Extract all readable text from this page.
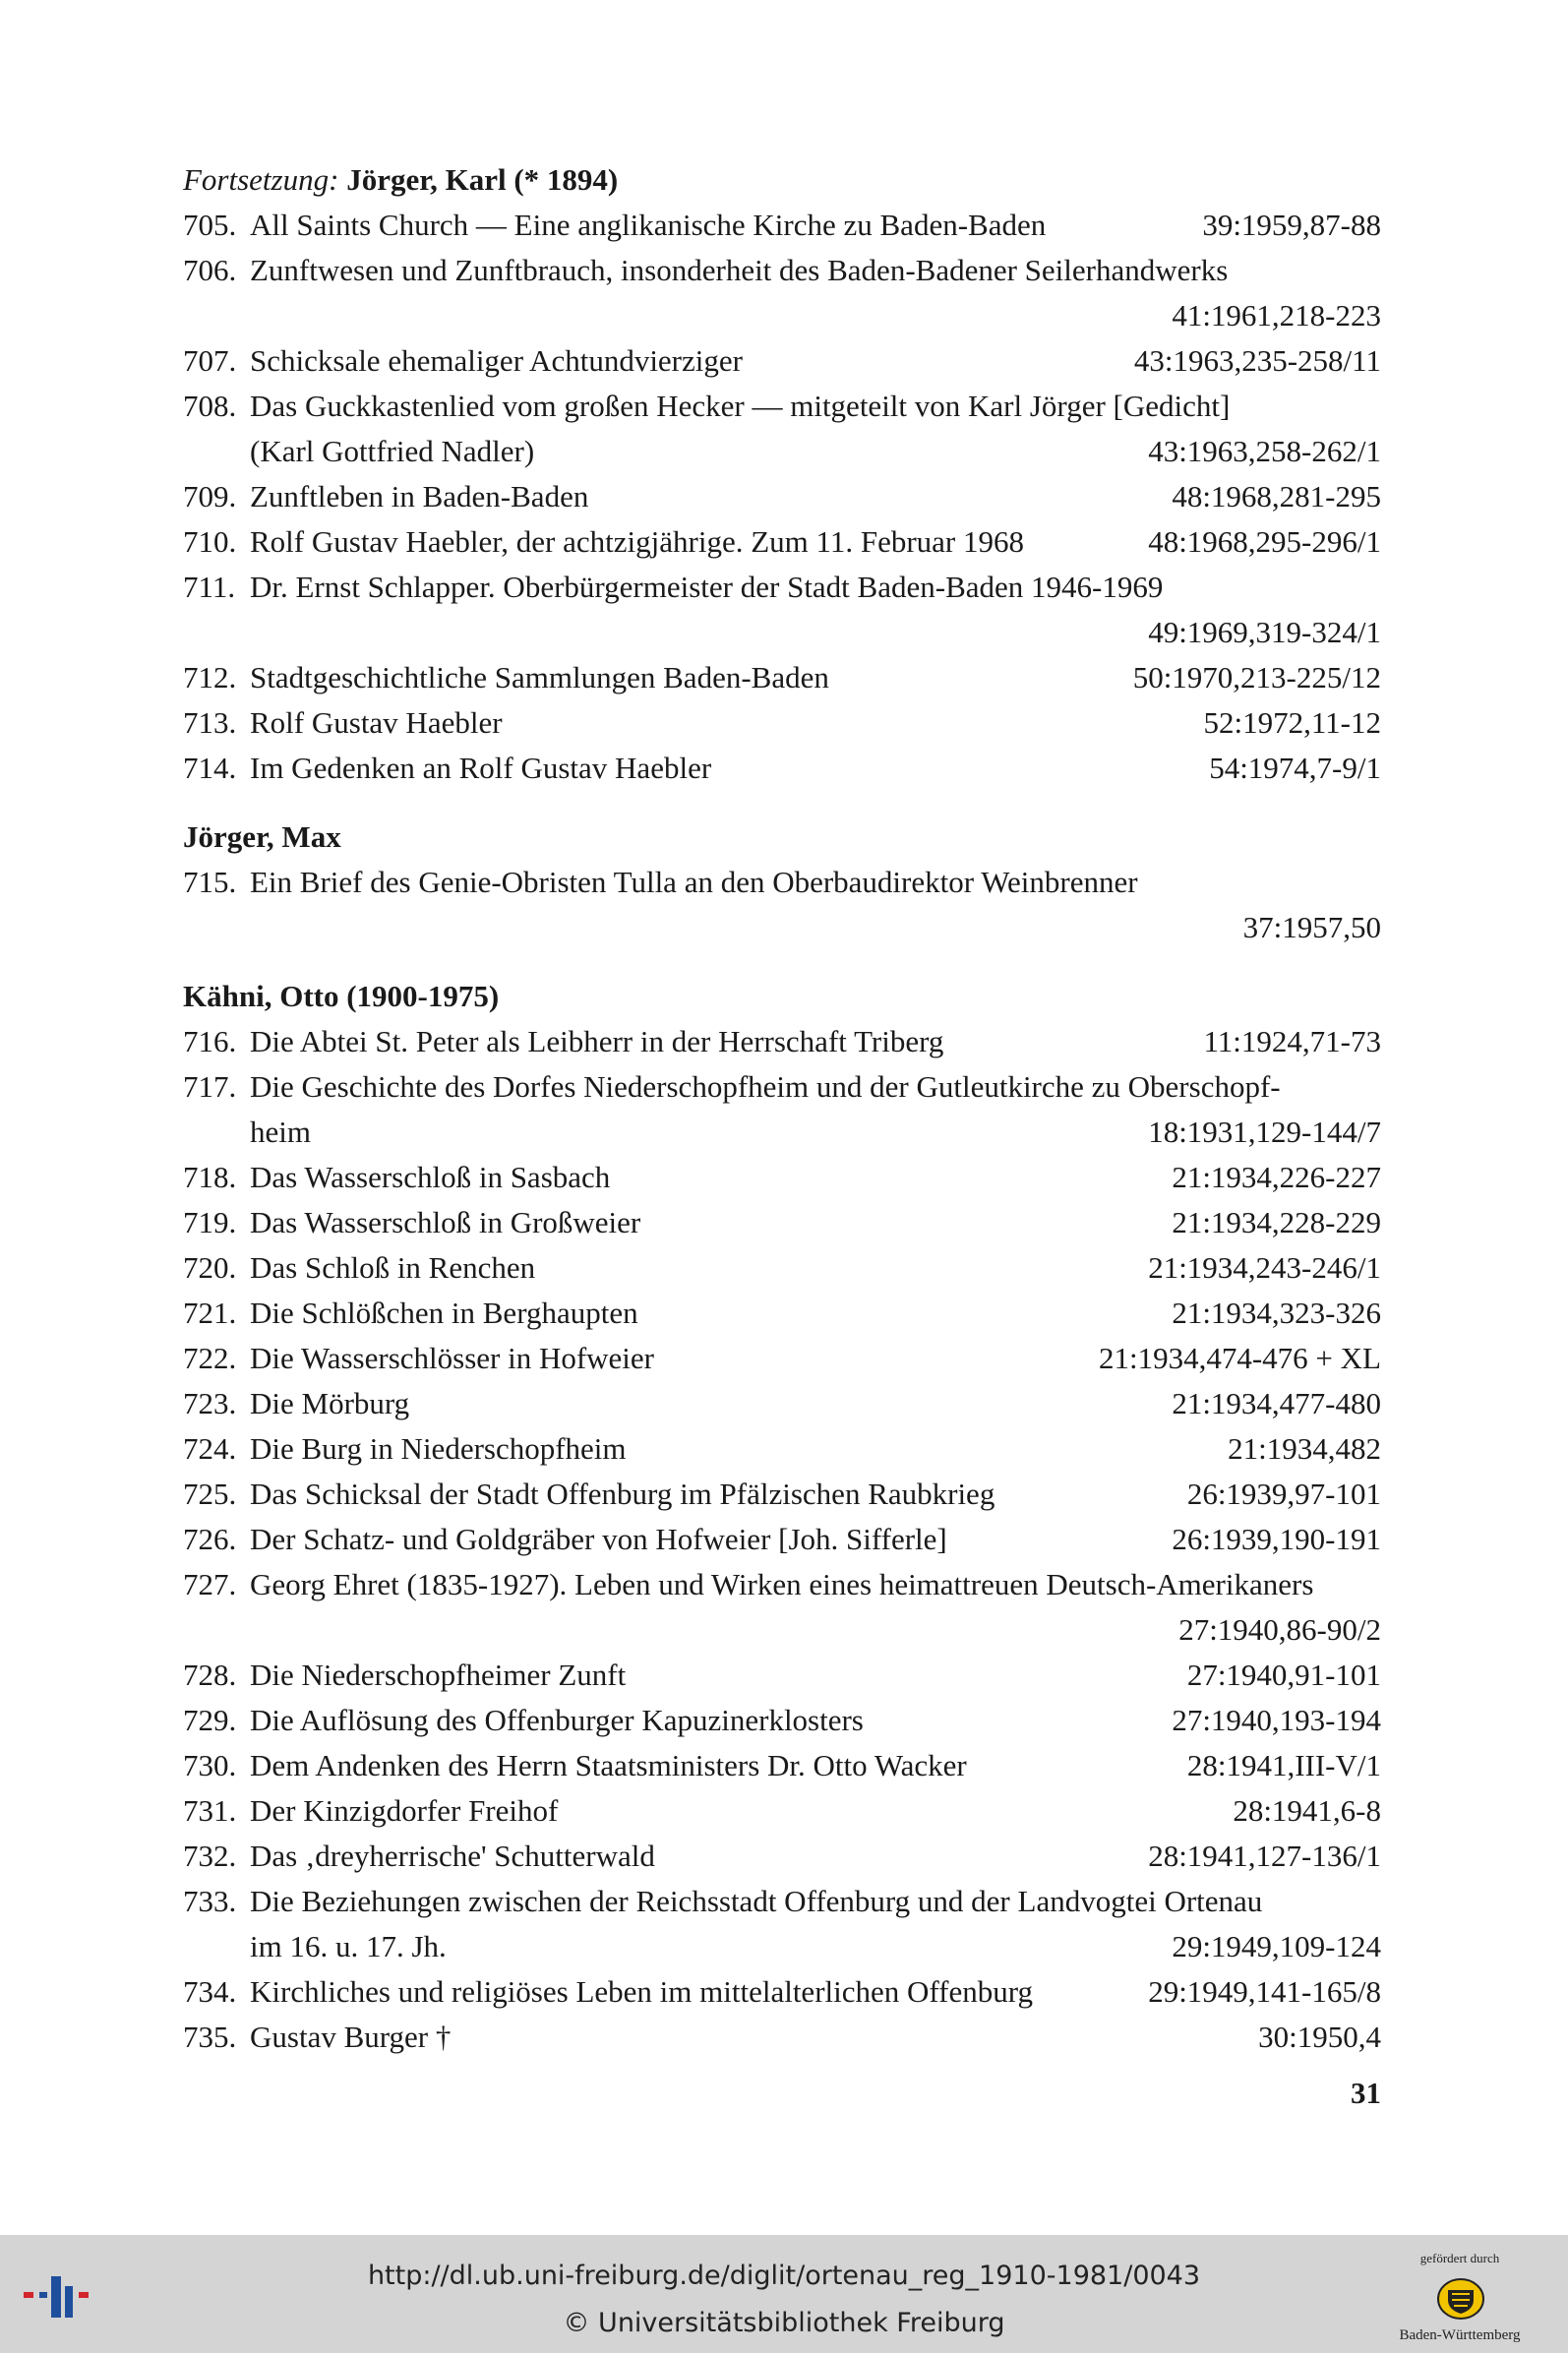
Fortsetzung: Jörger, Karl (* 1894)
705. All Saints Church — Eine anglikanische Kirche zu Baden-Baden	39:1959,87-88
706. Zunftwesen und Zunftbrauch, insonderheit des Baden-Badener Seilerhandwerks
41:1961,218-223
707. Schicksale ehemaliger Achtundvierziger	43:1963,235-258/11
708. Das Guckkastenlied vom großen Hecker — mitgeteilt von Karl Jörger [Gedicht]
(Karl Gottfried Nadler)	43:1963,258-262/1
709. Zunftleben in Baden-Baden	48:1968,281-295
710. Rolf Gustav Haebler, der achtzigjährige. Zum 11. Februar 1968	48:1968,295-296/1
711. Dr. Ernst Schlapper. Oberbürgermeister der Stadt Baden-Baden 1946-1969
49:1969,319-324/1
712. Stadtgeschichtliche Sammlungen Baden-Baden	50:1970,213-225/12
713. Rolf Gustav Haebler	52:1972,11-12
714. Im Gedenken an Rolf Gustav Haebler	54:1974,7-9/1
Jörger, Max
715. Ein Brief des Genie-Obristen Tulla an den Oberbaudirektor Weinbrenner
37:1957,50
Kähni, Otto (1900-1975)
716. Die Abtei St. Peter als Leibherr in der Herrschaft Triberg	11:1924,71-73
717. Die Geschichte des Dorfes Niederschopfheim und der Gutleutkirche zu Oberschopf-
heim	18:1931,129-144/7
718. Das Wasserschloß in Sasbach	21:1934,226-227
719. Das Wasserschloß in Großweier	21:1934,228-229
720. Das Schloß in Renchen	21:1934,243-246/1
721. Die Schlößchen in Berghaupten	21:1934,323-326
722. Die Wasserschlösser in Hofweier	21:1934,474-476 + XL
723. Die Mörburg	21:1934,477-480
724. Die Burg in Niederschopfheim	21:1934,482
725. Das Schicksal der Stadt Offenburg im Pfälzischen Raubkrieg	26:1939,97-101
726. Der Schatz- und Goldgräber von Hofweier [Joh. Sifferle]	26:1939,190-191
727. Georg Ehret (1835-1927). Leben und Wirken eines heimattreuen Deutsch-Amerikaners
27:1940,86-90/2
728. Die Niederschopfheimer Zunft	27:1940,91-101
729. Die Auflösung des Offenburger Kapuzinerklosters	27:1940,193-194
730. Dem Andenken des Herrn Staatsministers Dr. Otto Wacker	28:1941,III-V/1
731. Der Kinzigdorfer Freihof	28:1941,6-8
732. Das ‚dreyherrische' Schutterwald	28:1941,127-136/1
733. Die Beziehungen zwischen der Reichsstadt Offenburg und der Landvogtei Ortenau
im 16. u. 17. Jh.	29:1949,109-124
734. Kirchliches und religiöses Leben im mittelalterlichen Offenburg	29:1949,141-165/8
735. Gustav Burger †	30:1950,4
31
http://dl.ub.uni-freiburg.de/diglit/ortenau_reg_1910-1981/0043
© Universitätsbibliothek Freiburg
gefördert durch
Baden-Württemberg
